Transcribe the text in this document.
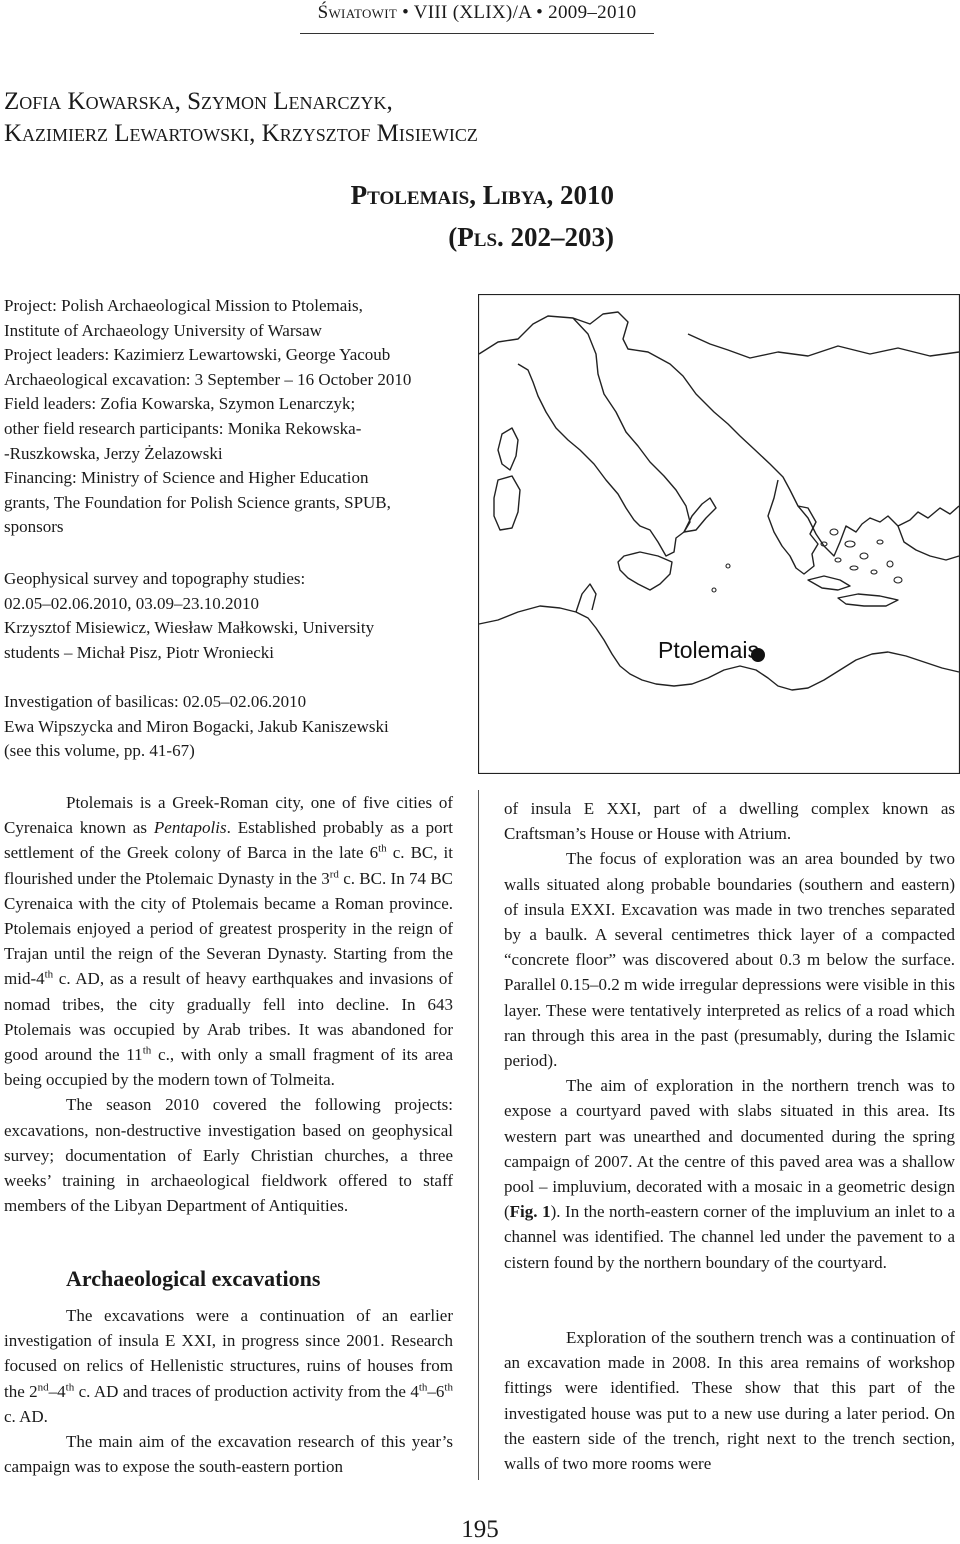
Światowit • VIII (XLIX)/A • 2009–2010
Zofia Kowarska, Szymon Lenarczyk,
Kazimierz Lewartowski, Krzysztof Misiewicz
Ptolemais, Libya, 2010
(Pls. 202–203)

Project: Polish Archaeological Mission to Ptolemais,

Institute of Archaeology University of Warsaw

Project leaders: Kazimierz Lewartowski, George Yacoub

Archaeological excavation: 3 September – 16 October 2010

Field leaders: Zofia Kowarska, Szymon Lenarczyk;

other field research participants: Monika Rekowska-

-Ruszkowska, Jerzy Żelazowski

Financing: Ministry of Science and Higher Education

grants, The Foundation for Polish Science grants, SPUB,

sponsors

Geophysical survey and topography studies:

02.05–02.06.2010, 03.09–23.10.2010

Krzysztof Misiewicz, Wiesław Małkowski, University

students – Michał Pisz, Piotr Wroniecki

Investigation of basilicas: 02.05–02.06.2010

Ewa Wipszycka and Miron Bogacki, Jakub Kaniszewski

(see this volume, pp. 41-67)

Ptolemais

Ptolemais is a Greek-Roman city, one of five cities of Cyrenaica known as Pentapolis. Established probably as a port settlement of the Greek colony of Barca in the late 6th c. BC, it flourished under the Ptolemaic Dynasty in the 3rd c. BC. In 74 BC Cyrenaica with the city of Ptolemais became a Roman province. Ptolemais enjoyed a period of greatest prosperity in the reign of Trajan until the reign of the Severan Dynasty. Starting from the mid-4th c. AD, as a result of heavy earthquakes and invasions of nomad tribes, the city gradually fell into decline. In 643 Ptolemais was occupied by Arab tribes. It was abandoned for good around the 11th c., with only a small fragment of its area being occupied by the modern town of Tolmeita.

The season 2010 covered the following projects: excavations, non-destructive investigation based on geophysical survey; documentation of Early Christian churches, a three weeks’ training in archaeological fieldwork offered to staff members of the Libyan Department of Antiquities.

Archaeological excavations

The excavations were a continuation of an earlier investigation of insula E XXI, in progress since 2001. Research focused on relics of Hellenistic structures, ruins of houses from the 2nd–4th c. AD and traces of production activity from the 4th–6th c. AD.

The main aim of the excavation research of this year’s campaign was to expose the south-eastern portion

of insula E XXI, part of a dwelling complex known as Craftsman’s House or House with Atrium.

The focus of exploration was an area bounded by two walls situated along probable boundaries (southern and eastern) of insula EXXI. Excavation was made in two trenches separated by a baulk. A several centimetres thick layer of a compacted “concrete floor” was discovered about 0.3 m below the surface. Parallel 0.15–0.2 m wide irregular depressions were visible in this layer. These were tentatively interpreted as relics of a road which ran through this area in the past (presumably, during the Islamic period).

The aim of exploration in the northern trench was to expose a courtyard paved with slabs situated in this area. Its western part was unearthed and documented during the spring campaign of 2007. At the centre of this paved area was a shallow pool – impluvium, decorated with a mosaic in a geometric design (Fig. 1). In the north-eastern corner of the impluvium an inlet to a channel was identified. The channel led under the pavement to a cistern found by the northern boundary of the courtyard.

Exploration of the southern trench was a continuation of an excavation made in 2008. In this area remains of workshop fittings were identified. These show that this part of the investigated house was put to a new use during a later period. On the eastern side of the trench, right next to the trench section, walls of two more rooms were

195
